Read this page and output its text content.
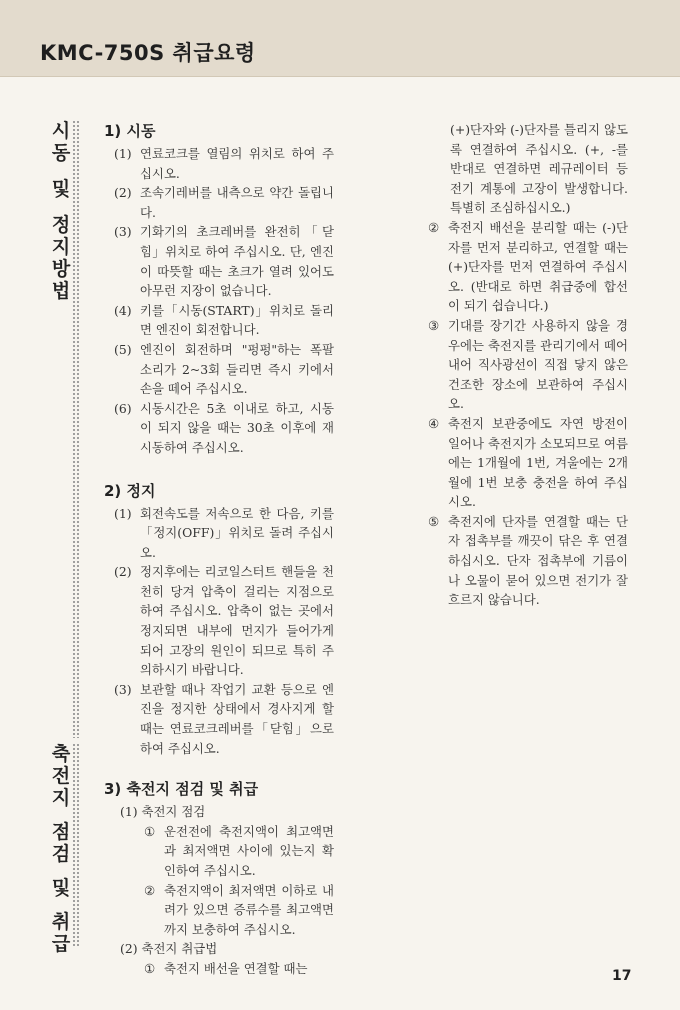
KMC-750S 취급요령
시
동
및
정
지
방
법
축
전
지
점
검
및
취
급
1) 시동
(1) 연료코크를 열림의 위치로 하여 주십시오.
(2) 조속기레버를 내측으로 약간 돌립니다.
(3) 기화기의 초크레버를 완전히「닫힘」위치로 하여 주십시오. 단, 엔진이 따뜻할 때는 초크가 열려 있어도 아무런 지장이 없습니다.
(4) 키를「시동(START)」위치로 돌리면 엔진이 회전합니다.
(5) 엔진이 회전하며 "펑펑"하는 폭팔 소리가 2~3회 들리면 즉시 키에서 손을 떼어 주십시오.
(6) 시동시간은 5초 이내로 하고, 시동이 되지 않을 때는 30초 이후에 재시동하여 주십시오.
2) 정지
(1) 회전속도를 저속으로 한 다음, 키를「정지(OFF)」위치로 돌려 주십시오.
(2) 정지후에는 리코일스터트 핸들을 천천히 당겨 압축이 걸리는 지점으로 하여 주십시오. 압축이 없는 곳에서 정지되면 내부에 먼지가 들어가게 되어 고장의 원인이 되므로 특히 주의하시기 바랍니다.
(3) 보관할 때나 작업기 교환 등으로 엔진을 정지한 상태에서 경사지게 할 때는 연료코크레버를「닫힘」으로 하여 주십시오.
3) 축전지 점검 및 취급
(1) 축전지 점검
① 운전전에 축전지액이 최고액면과 최저액면 사이에 있는지 확인하여 주십시오.
② 축전지액이 최저액면 이하로 내려가 있으면 증류수를 최고액면까지 보충하여 주십시오.
(2) 축전지 취급법
① 축전지 배선을 연결할 때는
(+)단자와 (-)단자를 틀리지 않도록 연결하여 주십시오. (+, -를 반대로 연결하면 레규레이터 등 전기 계통에 고장이 발생합니다. 특별히 조심하십시오.)
② 축전지 배선을 분리할 때는 (-)단자를 먼저 분리하고, 연결할 때는 (+)단자를 먼저 연결하여 주십시오. (반대로 하면 취급중에 합선이 되기 쉽습니다.)
③ 기대를 장기간 사용하지 않을 경우에는 축전지를 관리기에서 떼어내어 직사광선이 직접 닿지 않은 건조한 장소에 보관하여 주십시오.
④ 축전지 보관중에도 자연 방전이 일어나 축전지가 소모되므로 여름에는 1개월에 1번, 겨울에는 2개월에 1번 보충 충전을 하여 주십시오.
⑤ 축전지에 단자를 연결할 때는 단자 접촉부를 깨끗이 닦은 후 연결하십시오. 단자 접촉부에 기름이나 오물이 묻어 있으면 전기가 잘 흐르지 않습니다.
17
